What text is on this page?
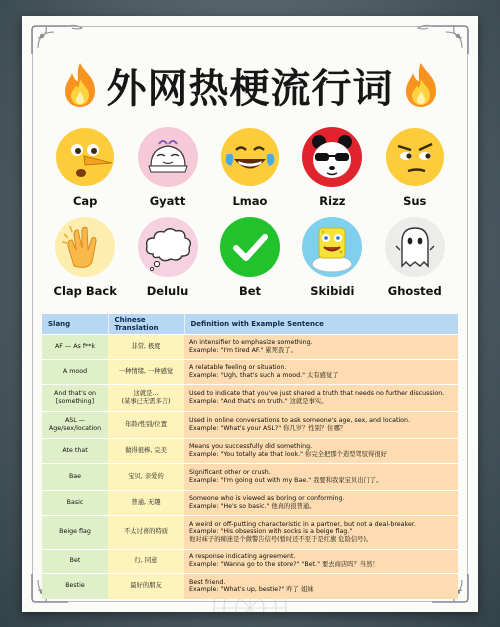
外网热梗流行词
Cap	Gyatt	Lmao	Rizz	Sus
Clap Back	Delulu	Bet	Skibidi	Ghosted
Slang	Chinese Translation	Definition with Example Sentence

AF — As f**k	非常, 极度	An intensifier to emphasize something.
Example: "I'm tired AF." 累死我了。

A mood	一种情绪, 一种感觉	A relatable feeling or situation.
Example: "Ugh, that's such a mood." 太有感觉了

And that's on
[something]	这就是...
(某事已无需多言)	Used to indicate that you've just shared a truth that needs no further discussion.
Example: "And that's on truth." 这就是事实。

ASL —
Age/sex/location	年龄/性别/位置	Used in online conversations to ask someone's age, sex, and location.
Example: "What's your ASL?" 你几岁？性别？住哪？

Ate that	做得很棒, 完美	Means you successfully did something.
Example: "You totally ate that look." 你完全把那个造型驾驭得很好

Bae	宝贝, 亲爱的	Significant other or crush.
Example: "I'm going out with my Bae." 我要和我家宝贝出门了。

Basic	普通, 无趣	Someone who is viewed as boring or conforming.
Example: "He's so basic." 他真的很普通。

Beige flag	不太讨喜的特质	A weird or off-putting characteristic in a partner, but not a deal-breaker.
Example: "His obsession with socks is a beige flag."
他对袜子的痴迷是个微警告信号(暂时还不至于是红旗 危险信号)。

Bet	行, 同意	A response indicating agreement.
Example: "Wanna go to the store?" "Bet." 要去商店吗？当然！

Bestie	最好的朋友	Best friend.
Example: "What's up, bestie?" 咋了 姐妹
